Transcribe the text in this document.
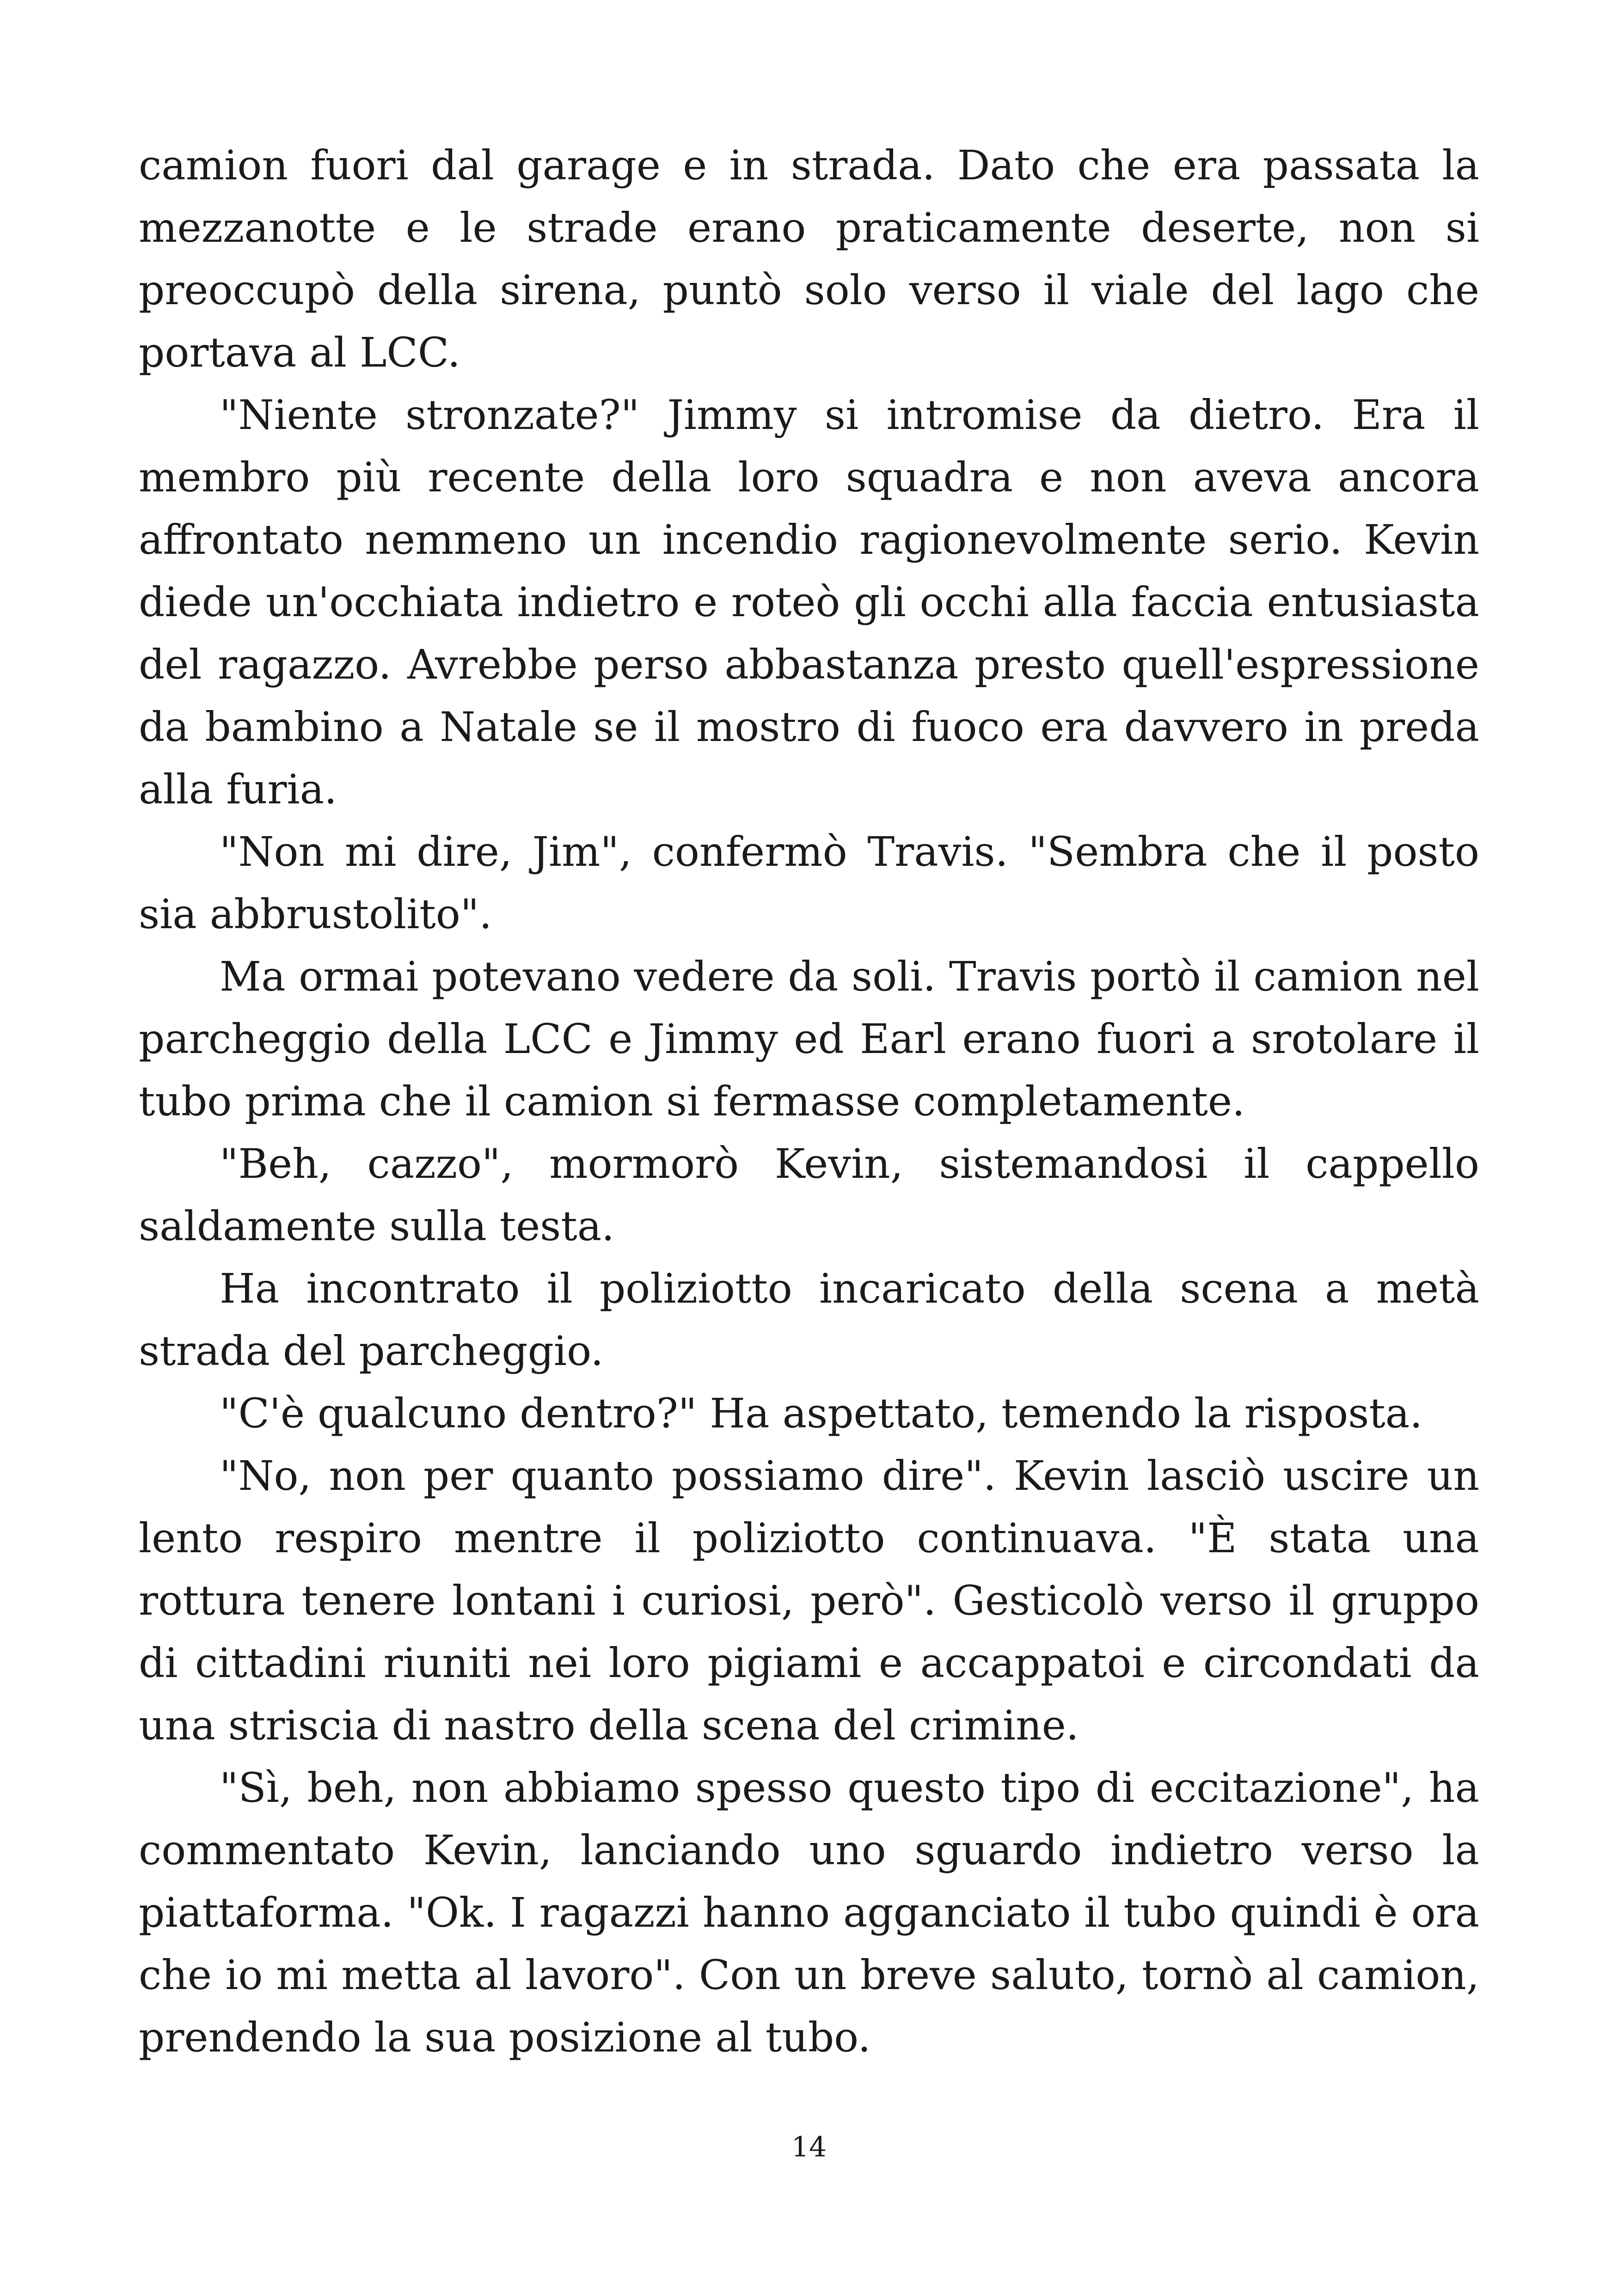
camion fuori dal garage e in strada. Dato che era passata la mezzanotte e le strade erano praticamente deserte, non si preoccupò della sirena, puntò solo verso il viale del lago che portava al LCC.

"Niente stronzate?" Jimmy si intromise da dietro. Era il membro più recente della loro squadra e non aveva ancora affrontato nemmeno un incendio ragionevolmente serio. Kevin diede un'occhiata indietro e roteò gli occhi alla faccia entusiasta del ragazzo. Avrebbe perso abbastanza presto quell'espressione da bambino a Natale se il mostro di fuoco era davvero in preda alla furia.

"Non mi dire, Jim", confermò Travis. "Sembra che il posto sia abbrustolito".

Ma ormai potevano vedere da soli. Travis portò il camion nel parcheggio della LCC e Jimmy ed Earl erano fuori a srotolare il tubo prima che il camion si fermasse completamente.

"Beh, cazzo", mormorò Kevin, sistemandosi il cappello saldamente sulla testa.

Ha incontrato il poliziotto incaricato della scena a metà strada del parcheggio.

"C'è qualcuno dentro?" Ha aspettato, temendo la risposta.

"No, non per quanto possiamo dire". Kevin lasciò uscire un lento respiro mentre il poliziotto continuava. "È stata una rottura tenere lontani i curiosi, però". Gesticolò verso il gruppo di cittadini riuniti nei loro pigiami e accappatoi e circondati da una striscia di nastro della scena del crimine.

"Sì, beh, non abbiamo spesso questo tipo di eccitazione", ha commentato Kevin, lanciando uno sguardo indietro verso la piattaforma. "Ok. I ragazzi hanno agganciato il tubo quindi è ora che io mi metta al lavoro". Con un breve saluto, tornò al camion, prendendo la sua posizione al tubo.

14
